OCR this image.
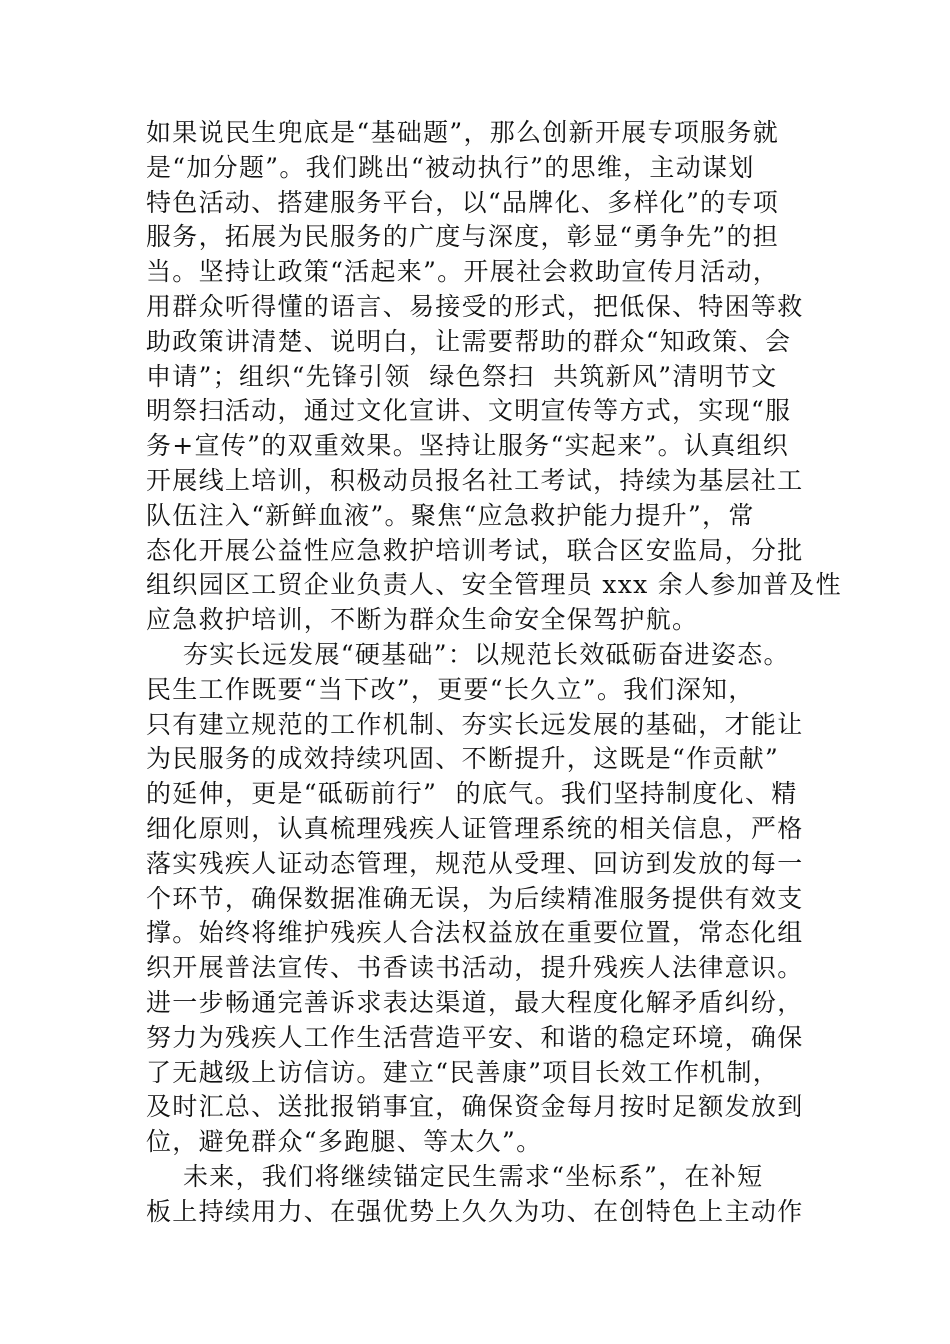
如果说民生兜底是“基础题”，那么创新开展专项服务就
是“加分题”。我们跳出“被动执行”的思维，主动谋划
特色活动、搭建服务平台，以“品牌化、多样化”的专项
服务，拓展为民服务的广度与深度，彰显“勇争先”的担
当。坚持让政策“活起来”。开展社会救助宣传月活动，
用群众听得懂的语言、易接受的形式，把低保、特困等救
助政策讲清楚、说明白，让需要帮助的群众“知政策、会
申请”；组织“先锋引领  绿色祭扫  共筑新风”清明节文
明祭扫活动，通过文化宣讲、文明宣传等方式，实现“服
务+宣传”的双重效果。坚持让服务“实起来”。认真组织
开展线上培训，积极动员报名社工考试，持续为基层社工
队伍注入“新鲜血液”。聚焦“应急救护能力提升”，常
态化开展公益性应急救护培训考试，联合区安监局，分批
组织园区工贸企业负责人、安全管理员 xxx 余人参加普及性
应急救护培训，不断为群众生命安全保驾护航。
夯实长远发展“硬基础”：以规范长效砥砺奋进姿态。
民生工作既要“当下改”，更要“长久立”。我们深知，
只有建立规范的工作机制、夯实长远发展的基础，才能让
为民服务的成效持续巩固、不断提升，这既是“作贡献”
的延伸，更是“砥砺前行”  的底气。我们坚持制度化、精
细化原则，认真梳理残疾人证管理系统的相关信息，严格
落实残疾人证动态管理，规范从受理、回访到发放的每一
个环节，确保数据准确无误，为后续精准服务提供有效支
撑。始终将维护残疾人合法权益放在重要位置，常态化组
织开展普法宣传、书香读书活动，提升残疾人法律意识。
进一步畅通完善诉求表达渠道，最大程度化解矛盾纠纷，
努力为残疾人工作生活营造平安、和谐的稳定环境，确保
了无越级上访信访。建立“民善康”项目长效工作机制，
及时汇总、送批报销事宜，确保资金每月按时足额发放到
位，避免群众“多跑腿、等太久”。
未来，我们将继续锚定民生需求“坐标系”，在补短
板上持续用力、在强优势上久久为功、在创特色上主动作
